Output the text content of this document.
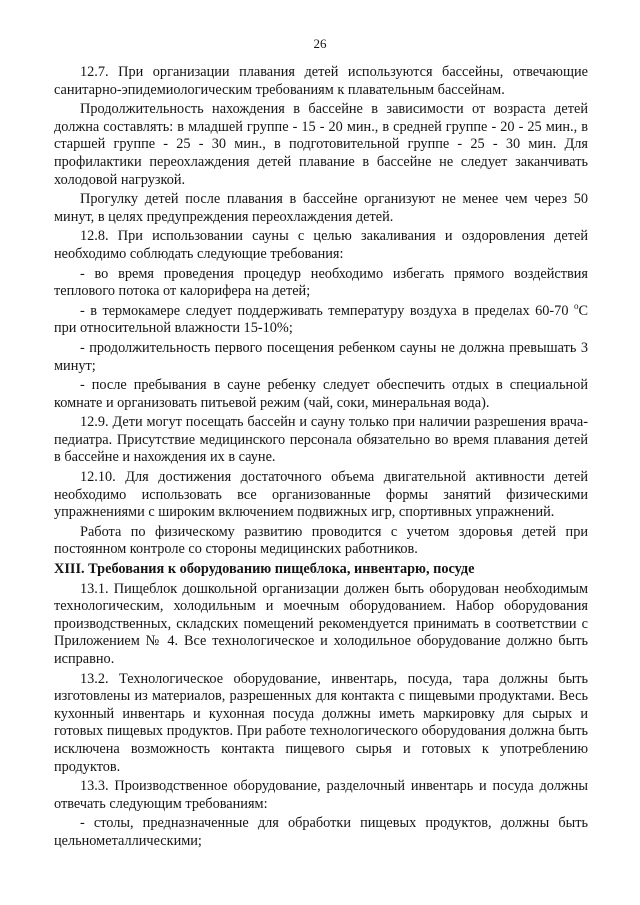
26

12.7. При организации плавания детей используются бассейны, отвечающие санитарно-эпидемиологическим требованиям к плавательным бассейнам.

Продолжительность нахождения в бассейне в зависимости от возраста детей должна составлять: в младшей группе - 15 - 20 мин., в средней группе - 20 - 25 мин., в старшей группе - 25 - 30 мин., в подготовительной группе - 25 - 30 мин. Для профилактики переохлаждения детей плавание в бассейне не следует заканчивать холодовой нагрузкой.

Прогулку детей после плавания в бассейне организуют не менее чем через 50 минут, в целях предупреждения переохлаждения детей.

12.8. При использовании сауны с целью закаливания и оздоровления детей необходимо соблюдать следующие требования:

- во время проведения процедур необходимо избегать прямого воздействия теплового потока от калорифера на детей;

- в термокамере следует поддерживать температуру воздуха в пределах 60-70 $^o$С при относительной влажности 15-10%;

- продолжительность первого посещения ребенком сауны не должна превышать 3 минут;

- после пребывания в сауне ребенку следует обеспечить отдых в специальной комнате и организовать питьевой режим (чай, соки, минеральная вода).

12.9. Дети могут посещать бассейн и сауну только при наличии разрешения врача-педиатра. Присутствие медицинского персонала обязательно во время плавания детей в бассейне и нахождения их в сауне.

12.10. Для достижения достаточного объема двигательной активности детей необходимо использовать все организованные формы занятий физическими упражнениями с широким включением подвижных игр, спортивных упражнений.

Работа по физическому развитию проводится с учетом здоровья детей при постоянном контроле со стороны медицинских работников.

XIII. Требования к оборудованию пищеблока, инвентарю, посуде

13.1. Пищеблок дошкольной организации должен быть оборудован необходимым технологическим, холодильным и моечным оборудованием. Набор оборудования производственных, складских помещений рекомендуется принимать в соответствии с Приложением № 4. Все технологическое и холодильное оборудование должно быть исправно.

13.2. Технологическое оборудование, инвентарь, посуда, тара должны быть изготовлены из материалов, разрешенных для контакта с пищевыми продуктами. Весь кухонный инвентарь и кухонная посуда должны иметь маркировку для сырых и готовых пищевых продуктов. При работе технологического оборудования должна быть исключена возможность контакта пищевого сырья и готовых к употреблению продуктов.

13.3. Производственное оборудование, разделочный инвентарь и посуда должны отвечать следующим требованиям:

- столы, предназначенные для обработки пищевых продуктов, должны быть цельнометаллическими;
